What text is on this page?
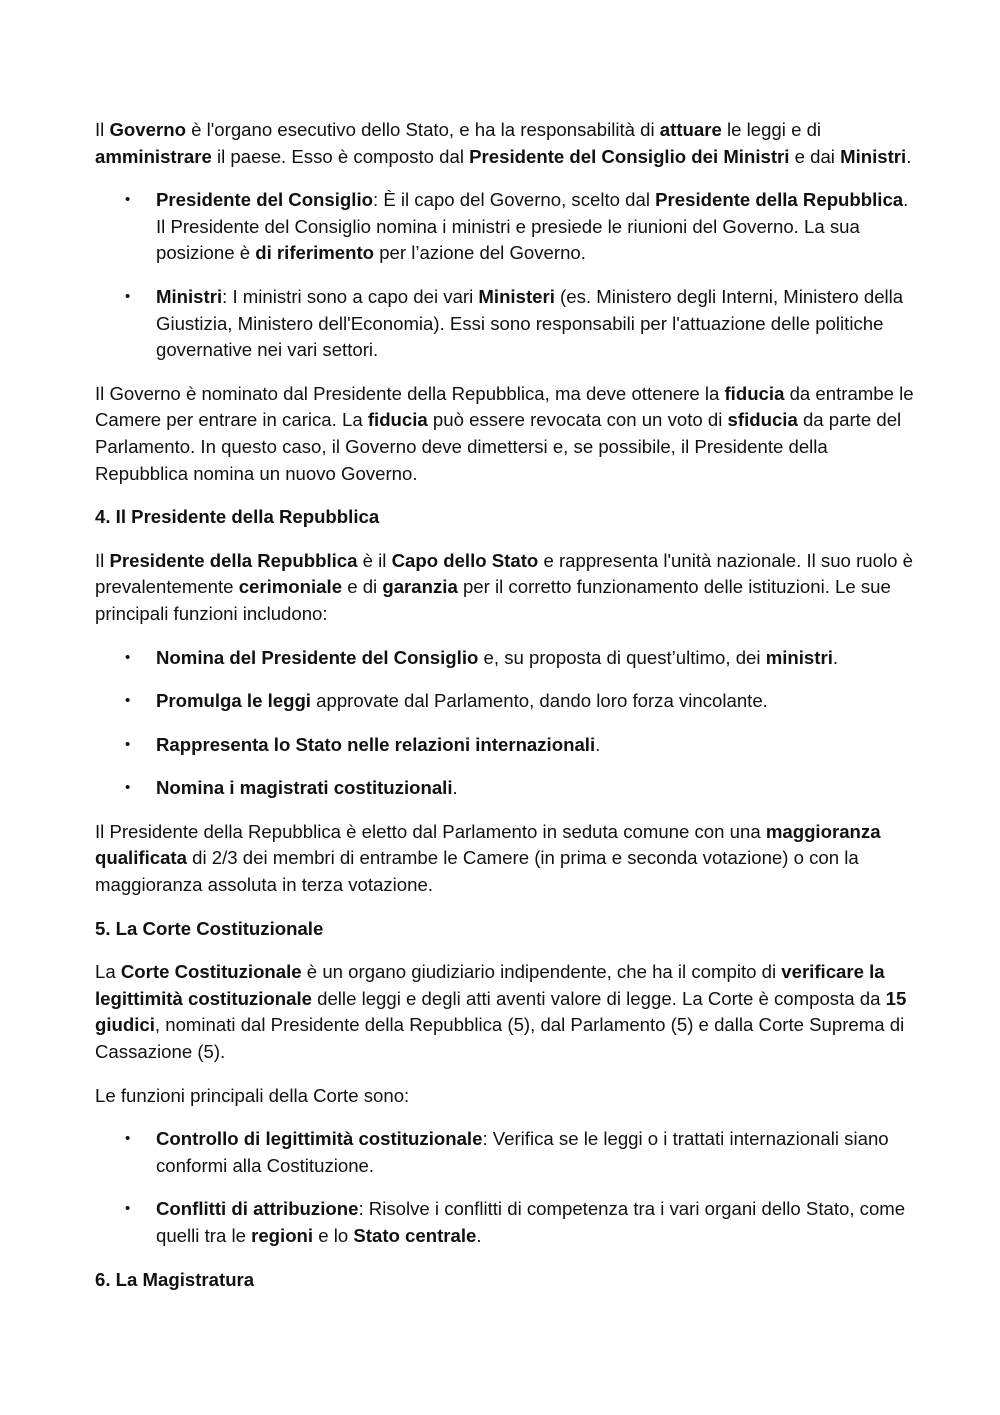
Il Governo è l'organo esecutivo dello Stato, e ha la responsabilità di attuare le leggi e di amministrare il paese. Esso è composto dal Presidente del Consiglio dei Ministri e dai Ministri.

• Presidente del Consiglio: È il capo del Governo, scelto dal Presidente della Repubblica. Il Presidente del Consiglio nomina i ministri e presiede le riunioni del Governo. La sua posizione è di riferimento per l’azione del Governo.
• Ministri: I ministri sono a capo dei vari Ministeri (es. Ministero degli Interni, Ministero della Giustizia, Ministero dell'Economia). Essi sono responsabili per l'attuazione delle politiche governative nei vari settori.

Il Governo è nominato dal Presidente della Repubblica, ma deve ottenere la fiducia da entrambe le Camere per entrare in carica. La fiducia può essere revocata con un voto di sfiducia da parte del Parlamento. In questo caso, il Governo deve dimettersi e, se possibile, il Presidente della Repubblica nomina un nuovo Governo.

4. Il Presidente della Repubblica

Il Presidente della Repubblica è il Capo dello Stato e rappresenta l'unità nazionale. Il suo ruolo è prevalentemente cerimoniale e di garanzia per il corretto funzionamento delle istituzioni. Le sue principali funzioni includono:

• Nomina del Presidente del Consiglio e, su proposta di quest’ultimo, dei ministri.
• Promulga le leggi approvate dal Parlamento, dando loro forza vincolante.
• Rappresenta lo Stato nelle relazioni internazionali.
• Nomina i magistrati costituzionali.

Il Presidente della Repubblica è eletto dal Parlamento in seduta comune con una maggioranza qualificata di 2/3 dei membri di entrambe le Camere (in prima e seconda votazione) o con la maggioranza assoluta in terza votazione.

5. La Corte Costituzionale

La Corte Costituzionale è un organo giudiziario indipendente, che ha il compito di verificare la legittimità costituzionale delle leggi e degli atti aventi valore di legge. La Corte è composta da 15 giudici, nominati dal Presidente della Repubblica (5), dal Parlamento (5) e dalla Corte Suprema di Cassazione (5).

Le funzioni principali della Corte sono:

• Controllo di legittimità costituzionale: Verifica se le leggi o i trattati internazionali siano conformi alla Costituzione.
• Conflitti di attribuzione: Risolve i conflitti di competenza tra i vari organi dello Stato, come quelli tra le regioni e lo Stato centrale.

6. La Magistratura
